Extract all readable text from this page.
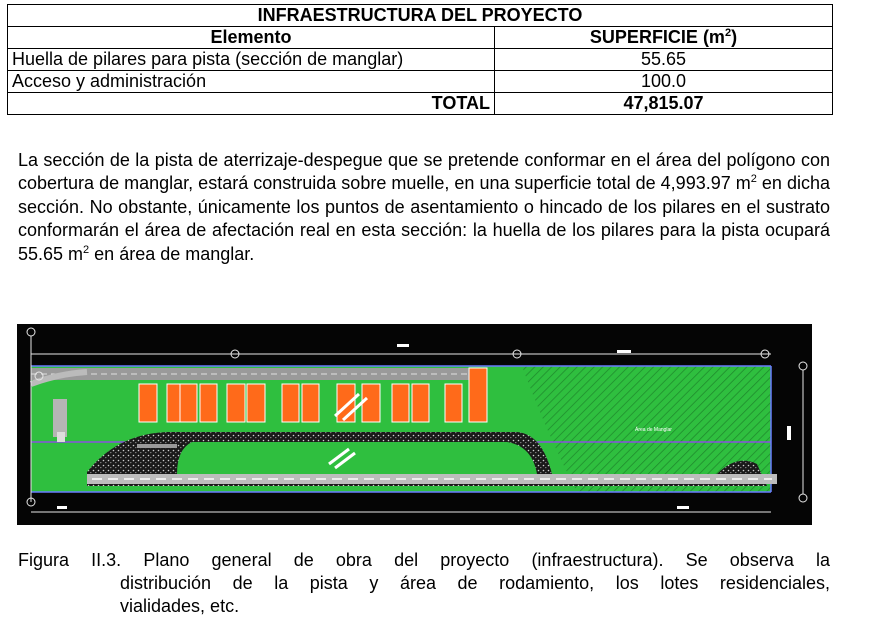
INFRAESTRUCTURA DEL PROYECTO	
Elemento	SUPERFICIE $(m^2)$
Huella de pilares para pista (sección de manglar)	55.65
Acceso y administración	100.0
TOTAL	47,815.07
La sección de la pista de aterrizaje-despegue que se pretende conformar en el área del polígono con cobertura de manglar, estará construida sobre muelle, en una superficie total de 4,993.97 $m^2$ en dicha sección. No obstante, únicamente los puntos de asentamiento o hincado de los pilares en el sustrato conformarán el área de afectación real en esta sección: la huella de los pilares para la pista ocupará 55.65 $m^2$ en área de manglar.
Área de Manglar
Figura II.3. Plano general de obra del proyecto (infraestructura). Se observa la
distribución de la pista y área de rodamiento, los lotes residenciales,
vialidades, etc.
